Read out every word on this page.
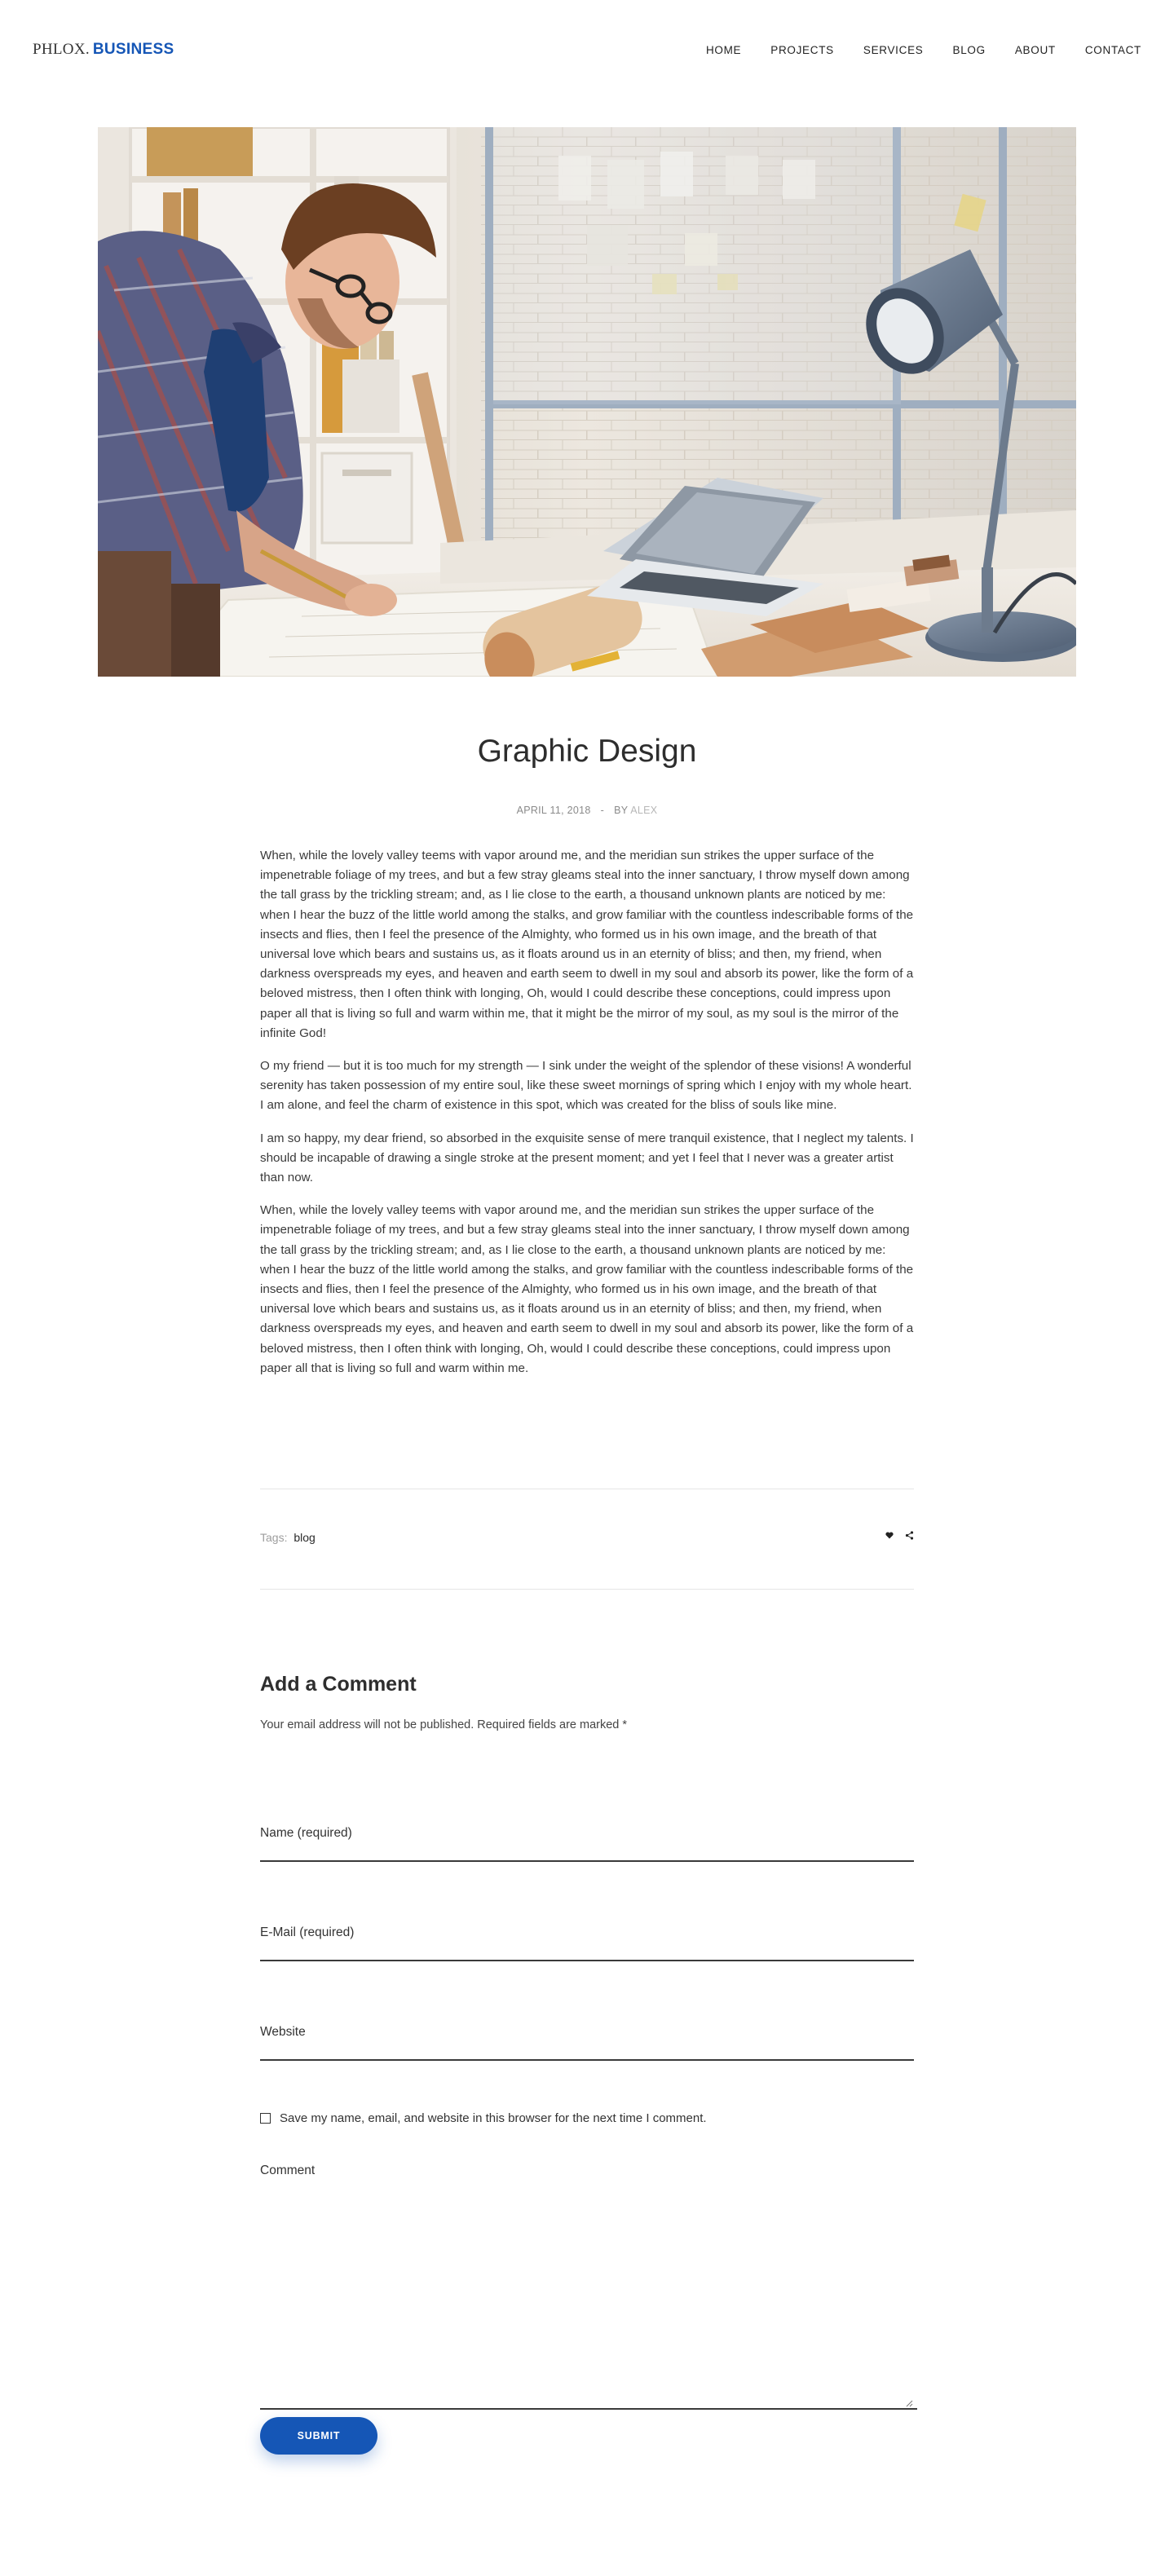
PHLOX. BUSINESS	HOME	PROJECTS	SERVICES	BLOG	ABOUT	CONTACT
Graphic Design
APRIL 11, 2018 - BY ALEX

When, while the lovely valley teems with vapor around me, and the meridian sun strikes the upper surface of the impenetrable foliage of my trees, and but a few stray gleams steal into the inner sanctuary, I throw myself down among the tall grass by the trickling stream; and, as I lie close to the earth, a thousand unknown plants are noticed by me: when I hear the buzz of the little world among the stalks, and grow familiar with the countless indescribable forms of the insects and flies, then I feel the presence of the Almighty, who formed us in his own image, and the breath of that universal love which bears and sustains us, as it floats around us in an eternity of bliss; and then, my friend, when darkness overspreads my eyes, and heaven and earth seem to dwell in my soul and absorb its power, like the form of a beloved mistress, then I often think with longing, Oh, would I could describe these conceptions, could impress upon paper all that is living so full and warm within me, that it might be the mirror of my soul, as my soul is the mirror of the infinite God!

O my friend — but it is too much for my strength — I sink under the weight of the splendor of these visions! A wonderful serenity has taken possession of my entire soul, like these sweet mornings of spring which I enjoy with my whole heart. I am alone, and feel the charm of existence in this spot, which was created for the bliss of souls like mine.

I am so happy, my dear friend, so absorbed in the exquisite sense of mere tranquil existence, that I neglect my talents. I should be incapable of drawing a single stroke at the present moment; and yet I feel that I never was a greater artist than now.

When, while the lovely valley teems with vapor around me, and the meridian sun strikes the upper surface of the impenetrable foliage of my trees, and but a few stray gleams steal into the inner sanctuary, I throw myself down among the tall grass by the trickling stream; and, as I lie close to the earth, a thousand unknown plants are noticed by me: when I hear the buzz of the little world among the stalks, and grow familiar with the countless indescribable forms of the insects and flies, then I feel the presence of the Almighty, who formed us in his own image, and the breath of that universal love which bears and sustains us, as it floats around us in an eternity of bliss; and then, my friend, when darkness overspreads my eyes, and heaven and earth seem to dwell in my soul and absorb its power, like the form of a beloved mistress, then I often think with longing, Oh, would I could describe these conceptions, could impress upon paper all that is living so full and warm within me.

Tags: blog
Add a Comment
Your email address will not be published. Required fields are marked *
Name (required)
E-Mail (required)
Website
Save my name, email, and website in this browser for the next time I comment.
Comment
SUBMIT
